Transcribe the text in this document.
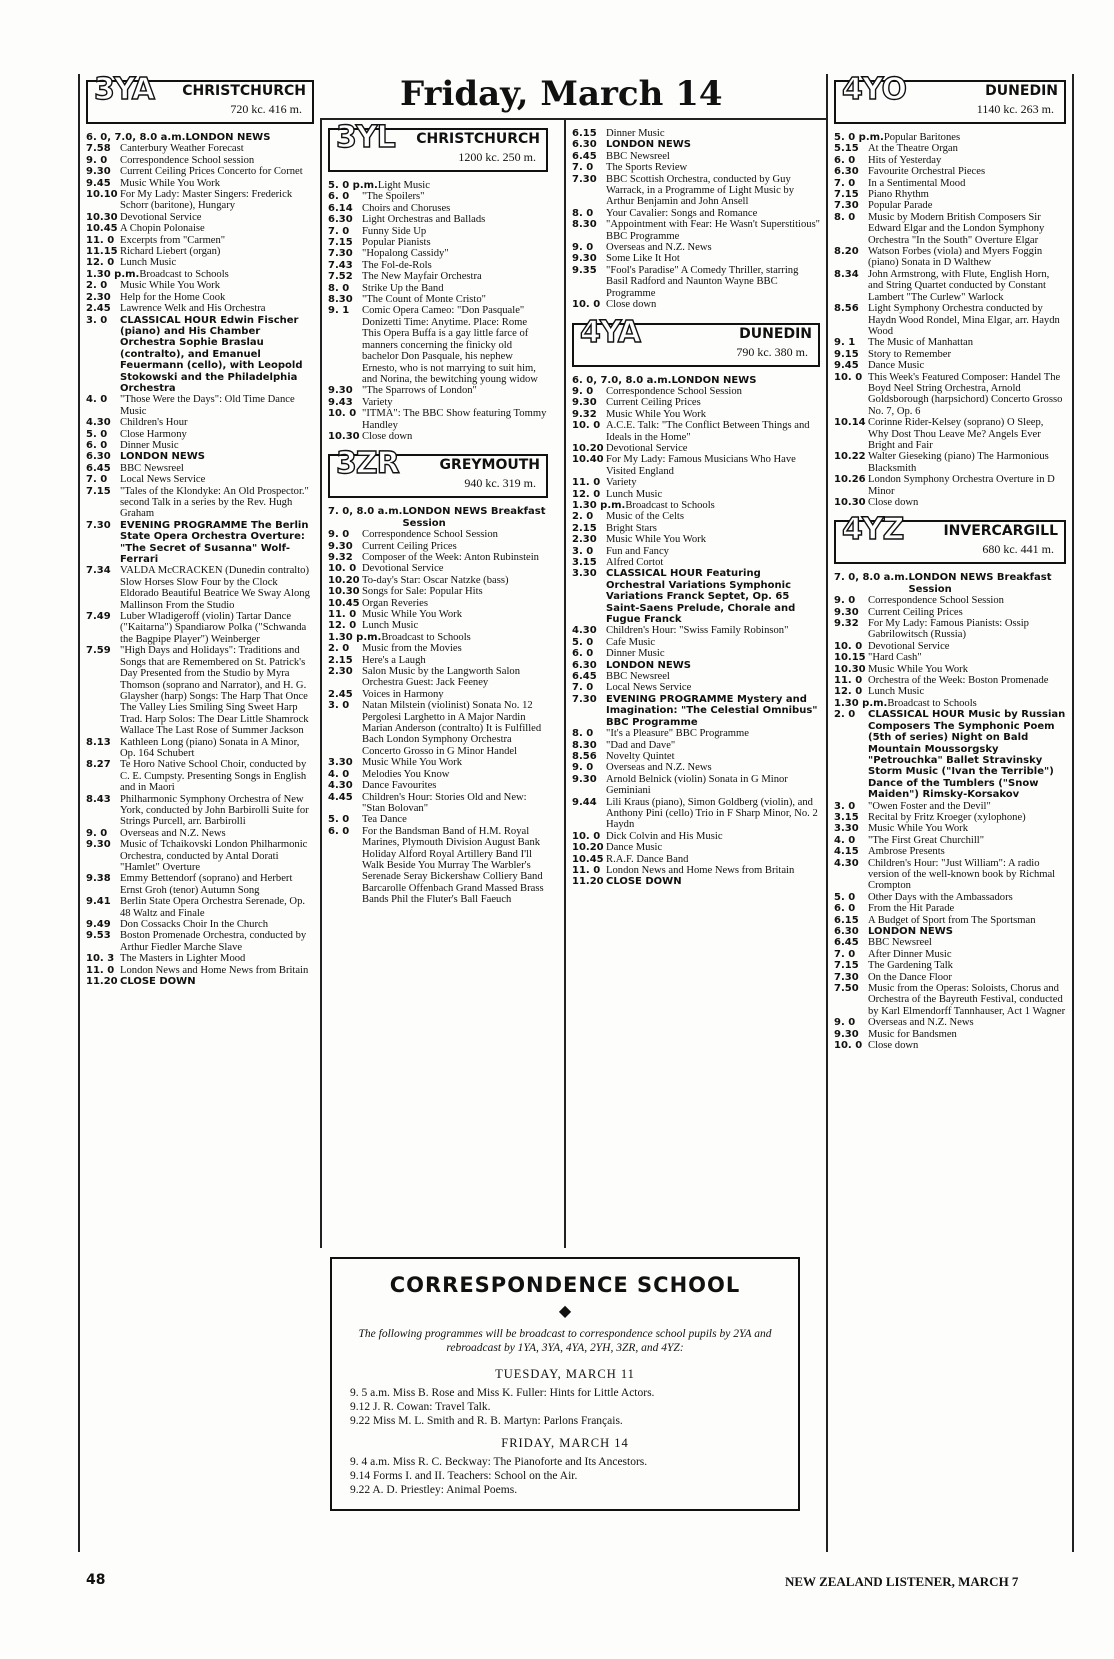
Friday, March 14
3YA CHRISTCHURCH
720 kc. 416 m.
6. 0, 7.0, 8.0 a.m. LONDON NEWS
7.58 Canterbury Weather Forecast
9. 0	Correspondence School session
9.30 Current Ceiling Prices Concerto for Cornet
9.45 Music While You Work
10.10 For My Lady: Master Singers: Frederick Schorr (baritone), Hungary
10.30 Devotional Service
10.45 A Chopin Polonaise
11. 0 Excerpts from "Carmen"
11.15 Richard Liebert (organ)
12. 0 Lunch Music
1.30 p.m. Broadcast to Schools
2. 0	Music While You Work
2.30 Help for the Home Cook
2.45 Lawrence Welk and His Orchestra
3. 0	CLASSICAL HOUR Edwin Fischer (piano) and His Chamber Orchestra Sophie Braslau (contralto), and Emanuel Feuermann (cello), with Leopold Stokowski and the Philadelphia Orchestra
4. 0	"Those Were the Days": Old Time Dance Music
4.30 Children's Hour
5. 0	Close Harmony
6. 0	Dinner Music
6.30 LONDON NEWS
6.45 BBC Newsreel
7. 0	Local News Service
7.15 "Tales of the Klondyke: An Old Prospector." second Talk in a series by the Rev. Hugh Graham
7.30 EVENING PROGRAMME The Berlin State Opera Orchestra Overture: "The Secret of Susanna" Wolf-Ferrari
7.34 VALDA McCRACKEN (Dunedin contralto) Slow Horses Slow Four by the Clock Eldorado Beautiful Beatrice We Sway Along Mallinson From the Studio
7.49 Luber Wladigeroff (violin) Tartar Dance ("Kaitarna") Spandiarow Polka ("Schwanda the Bagpipe Player") Weinberger
7.59 "High Days and Holidays": Traditions and Songs that are Remembered on St. Patrick's Day Presented from the Studio by Myra Thomson (soprano and Narrator), and H. G. Glaysher (harp) Songs: The Harp That Once The Valley Lies Smiling Sing Sweet Harp Trad. Harp Solos: The Dear Little Shamrock Wallace The Last Rose of Summer Jackson
8.13 Kathleen Long (piano) Sonata in A Minor, Op. 164 Schubert
8.27 Te Horo Native School Choir, conducted by C. E. Cumpsty. Presenting Songs in English and in Maori
8.43 Philharmonic Symphony Orchestra of New York, conducted by John Barbirolli Suite for Strings Purcell, arr. Barbirolli
9. 0	Overseas and N.Z. News
9.30 Music of Tchaikovski London Philharmonic Orchestra, conducted by Antal Dorati "Hamlet" Overture
9.38 Emmy Bettendorf (soprano) and Herbert Ernst Groh (tenor) Autumn Song
9.41 Berlin State Opera Orchestra Serenade, Op. 48 Waltz and Finale
9.49 Don Cossacks Choir In the Church
9.53 Boston Promenade Orchestra, conducted by Arthur Fiedler Marche Slave
10. 3 The Masters in Lighter Mood
11. 0 London News and Home News from Britain
11.20 CLOSE DOWN
3YL CHRISTCHURCH
1200 kc. 250 m.
5. 0 p.m. Light Music
6. 0	"The Spoilers"
6.14 Choirs and Choruses
6.30 Light Orchestras and Ballads
7. 0	Funny Side Up
7.15 Popular Pianists
7.30 "Hopalong Cassidy"
7.43 The Fol-de-Rols
7.52 The New Mayfair Orchestra
8. 0	Strike Up the Band
8.30 "The Count of Monte Cristo"
9. 1	Comic Opera Cameo: "Don Pasquale" Donizetti Time: Anytime. Place: Rome This Opera Buffa is a gay little farce of manners concerning the finicky old bachelor Don Pasquale, his nephew Ernesto, who is not marrying to suit him, and Norina, the bewitching young widow
9.30 "The Sparrows of London"
9.43 Variety
10. 0 "ITMA": The BBC Show featuring Tommy Handley
10.30 Close down
3ZR	GREYMOUTH
940 kc. 319 m.
7. 0, 8.0 a.m. LONDON NEWS Breakfast Session
9. 0	Correspondence School Session
9.30 Current Ceiling Prices
9.32 Composer of the Week: Anton Rubinstein
10. 0 Devotional Service
10.20 To-day's Star: Oscar Natzke (bass)
10.30 Songs for Sale: Popular Hits
10.45 Organ Reveries
11. 0 Music While You Work
12. 0 Lunch Music
1.30 p.m. Broadcast to Schools
2. 0	Music from the Movies
2.15 Here's a Laugh
2.30 Salon Music by the Langworth Salon Orchestra Guest: Jack Feeney
2.45 Voices in Harmony
3. 0	Natan Milstein (violinist) Sonata No. 12 Pergolesi Larghetto in A Major Nardin Marian Anderson (contralto) It is Fulfilled Bach London Symphony Orchestra Concerto Grosso in G Minor Handel
3.30 Music While You Work
4. 0	Melodies You Know
4.30 Dance Favourites
4.45 Children's Hour: Stories Old and New: "Stan Bolovan"
5. 0	Tea Dance
6. 0	For the Bandsman Band of H.M. Royal Marines, Plymouth Division August Bank Holiday Alford Royal Artillery Band I'll Walk Beside You Murray The Warbler's Serenade Seray Bickershaw Colliery Band Barcarolle Offenbach Grand Massed Brass Bands Phil the Fluter's Ball Faeuch
6.15 Dinner Music
6.30 LONDON NEWS
6.45 BBC Newsreel
7. 0	The Sports Review
7.30 BBC Scottish Orchestra, conducted by Guy Warrack, in a Programme of Light Music by Arthur Benjamin and John Ansell
8. 0	Your Cavalier: Songs and Romance
8.30 "Appointment with Fear: He Wasn't Superstitious" BBC Programme
9. 0	Overseas and N.Z. News
9.30 Some Like It Hot
9.35 "Fool's Paradise" A Comedy Thriller, starring Basil Radford and Naunton Wayne BBC Programme
10. 0 Close down
4YA	DUNEDIN
790 kc. 380 m.
6. 0, 7.0, 8.0 a.m. LONDON NEWS
9. 0	Correspondence School Session
9.30 Current Ceiling Prices
9.32 Music While You Work
10. 0 A.C.E. Talk: "The Conflict Between Things and Ideals in the Home"
10.20 Devotional Service
10.40 For My Lady: Famous Musicians Who Have Visited England
11. 0 Variety
12. 0 Lunch Music
1.30 p.m. Broadcast to Schools
2. 0	Music of the Celts
2.15 Bright Stars
2.30 Music While You Work
3. 0	Fun and Fancy
3.15 Alfred Cortot
3.30 CLASSICAL HOUR Featuring Orchestral Variations Symphonic Variations Franck Septet, Op. 65 Saint-Saens Prelude, Chorale and Fugue Franck
4.30 Children's Hour: "Swiss Family Robinson"
5. 0	Cafe Music
6. 0	Dinner Music
6.30 LONDON NEWS
6.45 BBC Newsreel
7. 0	Local News Service
7.30 EVENING PROGRAMME Mystery and Imagination: "The Celestial Omnibus" BBC Programme
8. 0	"It's a Pleasure" BBC Programme
8.30 "Dad and Dave"
8.56 Novelty Quintet
9. 0	Overseas and N.Z. News
9.30 Arnold Belnick (violin) Sonata in G Minor Geminiani
9.44 Lili Kraus (piano), Simon Goldberg (violin), and Anthony Pini (cello) Trio in F Sharp Minor, No. 2 Haydn
10. 0 Dick Colvin and His Music
10.20 Dance Music
10.45 R.A.F. Dance Band
11. 0 London News and Home News from Britain
11.20 CLOSE DOWN
4YO	DUNEDIN
1140 kc. 263 m.
5. 0 p.m. Popular Baritones
5.15 At the Theatre Organ
6. 0	Hits of Yesterday
6.30 Favourite Orchestral Pieces
7. 0	In a Sentimental Mood
7.15 Piano Rhythm
7.30 Popular Parade
8. 0	Music by Modern British Composers Sir Edward Elgar and the London Symphony Orchestra "In the South" Overture Elgar
8.20 Watson Forbes (viola) and Myers Foggin (piano) Sonata in D Walthew
8.34 John Armstrong, with Flute, English Horn, and String Quartet conducted by Constant Lambert "The Curlew" Warlock
8.56 Light Symphony Orchestra conducted by Haydn Wood Rondel, Mina Elgar, arr. Haydn Wood
9. 1	The Music of Manhattan
9.15 Story to Remember
9.45 Dance Music
10. 0 This Week's Featured Composer: Handel The Boyd Neel String Orchestra, Arnold Goldsborough (harpsichord) Concerto Grosso No. 7, Op. 6
10.14 Corinne Rider-Kelsey (soprano) O Sleep, Why Dost Thou Leave Me? Angels Ever Bright and Fair
10.22 Walter Gieseking (piano) The Harmonious Blacksmith
10.26 London Symphony Orchestra Overture in D Minor
10.30 Close down
4YZ	INVERCARGILL
680 kc. 441 m.
7. 0, 8.0 a.m. LONDON NEWS Breakfast Session
9. 0	Correspondence School Session
9.30 Current Ceiling Prices
9.32 For My Lady: Famous Pianists: Ossip Gabrilowitsch (Russia)
10. 0 Devotional Service
10.15 "Hard Cash"
10.30 Music While You Work
11. 0 Orchestra of the Week: Boston Promenade
12. 0 Lunch Music
1.30 p.m. Broadcast to Schools
2. 0	CLASSICAL HOUR Music by Russian Composers The Symphonic Poem (5th of series) Night on Bald Mountain Moussorgsky "Petrouchka" Ballet Stravinsky Storm Music ("Ivan the Terrible") Dance of the Tumblers ("Snow Maiden") Rimsky-Korsakov
3. 0	"Owen Foster and the Devil"
3.15 Recital by Fritz Kroeger (xylophone)
3.30 Music While You Work
4. 0	"The First Great Churchill"
4.15 Ambrose Presents
4.30 Children's Hour: "Just William": A radio version of the well-known book by Richmal Crompton
5. 0	Other Days with the Ambassadors
6. 0	From the Hit Parade
6.15 A Budget of Sport from The Sportsman
6.30 LONDON NEWS
6.45 BBC Newsreel
7. 0	After Dinner Music
7.15 The Gardening Talk
7.30 On the Dance Floor
7.50 Music from the Operas: Soloists, Chorus and Orchestra of the Bayreuth Festival, conducted by Karl Elmendorff Tannhauser, Act 1 Wagner
9. 0	Overseas and N.Z. News
9.30 Music for Bandsmen
10. 0 Close down
CORRESPONDENCE SCHOOL
◆
The following programmes will be broadcast to correspondence school pupils by 2YA and rebroadcast by 1YA, 3YA, 4YA, 2YH, 3ZR, and 4YZ:
TUESDAY, MARCH 11
9. 5 a.m. Miss B. Rose and Miss K. Fuller: Hints for Little Actors.
9.12 J. R. Cowan: Travel Talk.
9.22 Miss M. L. Smith and R. B. Martyn: Parlons Français.
FRIDAY, MARCH 14
9. 4 a.m. Miss R. C. Beckway: The Pianoforte and Its Ancestors.
9.14 Forms I. and II. Teachers: School on the Air.
9.22 A. D. Priestley: Animal Poems.
48	NEW ZEALAND LISTENER, MARCH 7
